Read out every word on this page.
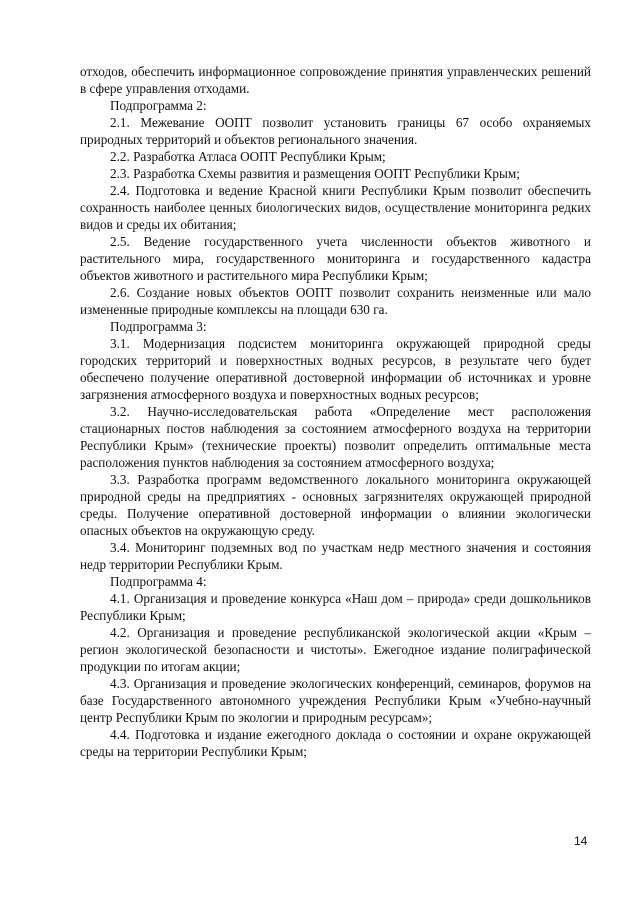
отходов, обеспечить информационное сопровождение принятия управленческих решений в сфере управления отходами.

Подпрограмма 2:

2.1. Межевание ООПТ позволит установить границы 67 особо охраняемых природных территорий и объектов регионального значения.

2.2. Разработка Атласа ООПТ Республики Крым;

2.3. Разработка Схемы развития и размещения ООПТ Республики Крым;

2.4. Подготовка и ведение Красной книги Республики Крым позволит обеспечить сохранность наиболее ценных биологических видов, осуществление мониторинга редких видов и среды их обитания;

2.5. Ведение государственного учета численности объектов животного и растительного мира, государственного мониторинга и государственного кадастра объектов животного и растительного мира Республики Крым;

2.6. Создание новых объектов ООПТ позволит сохранить неизменные или мало измененные природные комплексы на площади 630 га.

Подпрограмма 3:

3.1. Модернизация подсистем мониторинга окружающей природной среды городских территорий и поверхностных водных ресурсов, в результате чего будет обеспечено получение оперативной достоверной информации об источниках и уровне загрязнения атмосферного воздуха и поверхностных водных ресурсов;

3.2. Научно-исследовательская работа «Определение мест расположения стационарных постов наблюдения за состоянием атмосферного воздуха на территории Республики Крым» (технические проекты) позволит определить оптимальные места расположения пунктов наблюдения за состоянием атмосферного воздуха;

3.3. Разработка программ ведомственного локального мониторинга окружающей природной среды на предприятиях - основных загрязнителях окружающей природной среды. Получение оперативной достоверной информации о влиянии экологически опасных объектов на окружающую среду.

3.4. Мониторинг подземных вод по участкам недр местного значения и состояния недр территории Республики Крым.

Подпрограмма 4:

4.1. Организация и проведение конкурса «Наш дом – природа» среди дошкольников Республики Крым;

4.2. Организация и проведение республиканской экологической акции «Крым – регион экологической безопасности и чистоты». Ежегодное издание полиграфической продукции по итогам акции;

4.3. Организация и проведение экологических конференций, семинаров, форумов на базе Государственного автономного учреждения Республики Крым «Учебно-научный центр Республики Крым по экологии и природным ресурсам»;

4.4. Подготовка и издание ежегодного доклада о состоянии и охране окружающей среды на территории Республики Крым;

14
